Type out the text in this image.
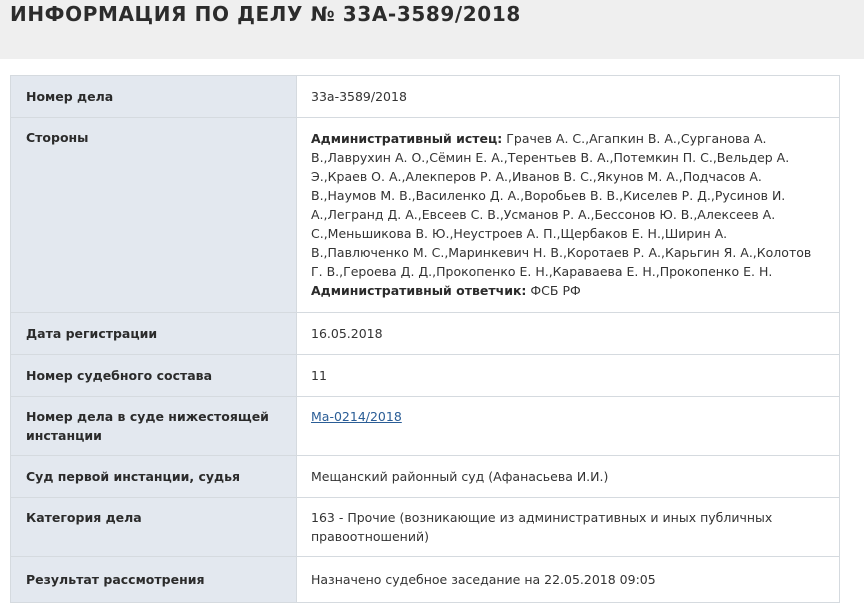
ИНФОРМАЦИЯ ПО ДЕЛУ № 33А-3589/2018
Номер дела	33а-3589/2018
Стороны	Административный истец: Грачев А. С.,Агапкин В. А.,Сурганова А. В.,Лаврухин А. О.,Сёмин Е. А.,Терентьев В. А.,Потемкин П. С.,Вельдер А. Э.,Краев О. А.,Алекперов Р. А.,Иванов В. С.,Якунов М. А.,Подчасов А. В.,Наумов М. В.,Василенко Д. А.,Воробьев В. В.,Киселев Р. Д.,Русинов И. А.,Легранд Д. А.,Евсеев С. В.,Усманов Р. А.,Бессонов Ю. В.,Алексеев А. С.,Меньшикова В. Ю.,Неустроев А. П.,Щербаков Е. Н.,Ширин А. В.,Павлюченко М. С.,Маринкевич Н. В.,Коротаев Р. А.,Карьгин Я. А.,Колотов Г. В.,Героева Д. Д.,Прокопенко Е. Н.,Караваева Е. Н.,Прокопенко Е. Н.
Административный ответчик: ФСБ РФ
Дата регистрации	16.05.2018
Номер судебного состава	11
Номер дела в суде нижестоящей инстанции	Ма-0214/2018
Суд первой инстанции, судья	Мещанский районный суд (Афанасьева И.И.)
Категория дела	163 - Прочие (возникающие из административных и иных публичных правоотношений)
Результат рассмотрения	Назначено судебное заседание на 22.05.2018 09:05
